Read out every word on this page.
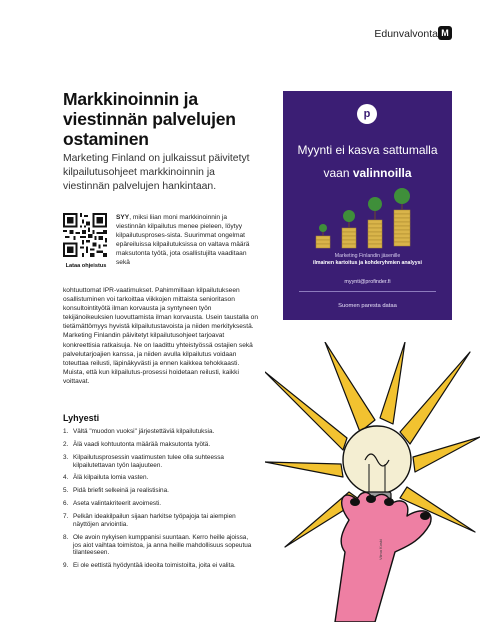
Edunvalvonta M
Markkinoinnin ja viestinnän palvelujen ostaminen
Marketing Finland on julkaissut päivitetyt kilpailutusohjeet markkinoinnin ja viestinnän palvelujen hankintaan.
Lataa ohjeistus
SYY, miksi liian moni markkinoinnin ja viestinnän kilpailutus menee pieleen, löytyy kilpailutusproses-sista. Suurimmat ongelmat epäreiluissa kilpailutuksissa on valtava määrä maksutonta työtä, jota osallistujilta vaaditaan sekä
kohtuuttomat IPR-vaatimukset. Pahimmillaan kilpailutukseen osallistuminen voi tarkoittaa viikkojen mittaista senioritason konsultointityötä ilman korvausta ja syntyneen työn tekijänoikeuksien luovuttamista ilman korvausta. Usein taustalla on tietämättömyys hyvistä kilpailutustavoista ja niiden merkityksestä. Marketing Finlandin päivitetyt kilpailutusohjeet tarjoavat konkreettisia ratkaisuja. Ne on laadittu yhteistyössä ostajien sekä palvelutarjoajien kanssa, ja niiden avulla kilpailutus voidaan toteuttaa reilusti, läpinäkyvästi ja ennen kaikkea tehokkaasti. Muista, että kun kilpailutus-prosessi hoidetaan reilusti, kaikki voittavat.
Lyhyesti
1. Vältä "muodon vuoksi" järjestettäviä kilpailutuksia.
2. Älä vaadi kohtuutonta määrää maksutonta työtä.
3. Kilpailutusprosessin vaatimusten tulee olla suhteessa kilpailutettavan työn laajuuteen.
4. Älä kilpailuta lomia vasten.
5. Pidä briefit selkeinä ja realistisina.
6. Aseta valintakriteerit avoimesti.
7. Pelkän ideakilpailun sijaan harkitse työpajoja tai aiempien näyttöjen arviointia.
8. Ole avoin nykyisen kumppanisi suuntaan. Kerro heille ajoissa, jos aiot vaihtaa toimistoa, ja anna heille mahdollisuus sopeutua tilanteeseen.
9. Ei ole eettistä hyödyntää ideoita toimistoilta, joita ei valita.
p
Myynti ei kasva sattumalla
vaan valinnoilla
Marketing Finlandin jäsenille
ilmainen kartoitus ja kohderyhmien analyysi
myynti@profinder.fi
Suomen paresta dataa
Vilma Koski
